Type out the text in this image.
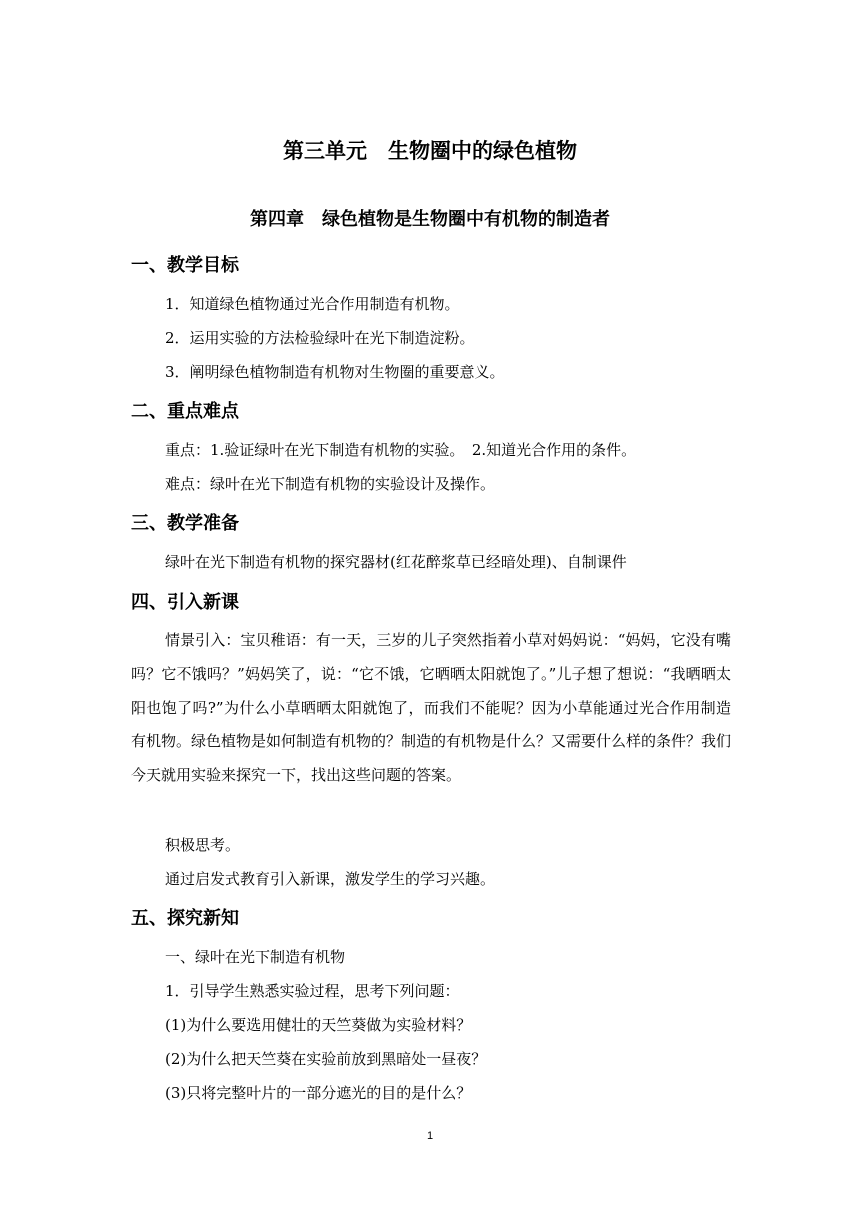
第三单元　生物圈中的绿色植物
第四章　绿色植物是生物圈中有机物的制造者
一、教学目标
1．知道绿色植物通过光合作用制造有机物。
2．运用实验的方法检验绿叶在光下制造淀粉。
3．阐明绿色植物制造有机物对生物圈的重要意义。
二、重点难点
重点：1.验证绿叶在光下制造有机物的实验。　2.知道光合作用的条件。
难点：绿叶在光下制造有机物的实验设计及操作。
三、教学准备
绿叶在光下制造有机物的探究器材(红花醉浆草已经暗处理)、自制课件
四、引入新课
情景引入：宝贝稚语：有一天，三岁的儿子突然指着小草对妈妈说：“妈妈，它没有嘴吗？它不饿吗？”妈妈笑了，说：“它不饿，它晒晒太阳就饱了。”儿子想了想说：“我晒晒太阳也饱了吗?”为什么小草晒晒太阳就饱了，而我们不能呢？因为小草能通过光合作用制造有机物。绿色植物是如何制造有机物的？制造的有机物是什么？又需要什么样的条件？我们今天就用实验来探究一下，找出这些问题的答案。
积极思考。
通过启发式教育引入新课，激发学生的学习兴趣。
五、探究新知
一、绿叶在光下制造有机物
1．引导学生熟悉实验过程，思考下列问题：
(1)为什么要选用健壮的天竺葵做为实验材料？
(2)为什么把天竺葵在实验前放到黑暗处一昼夜？
(3)只将完整叶片的一部分遮光的目的是什么？
1
